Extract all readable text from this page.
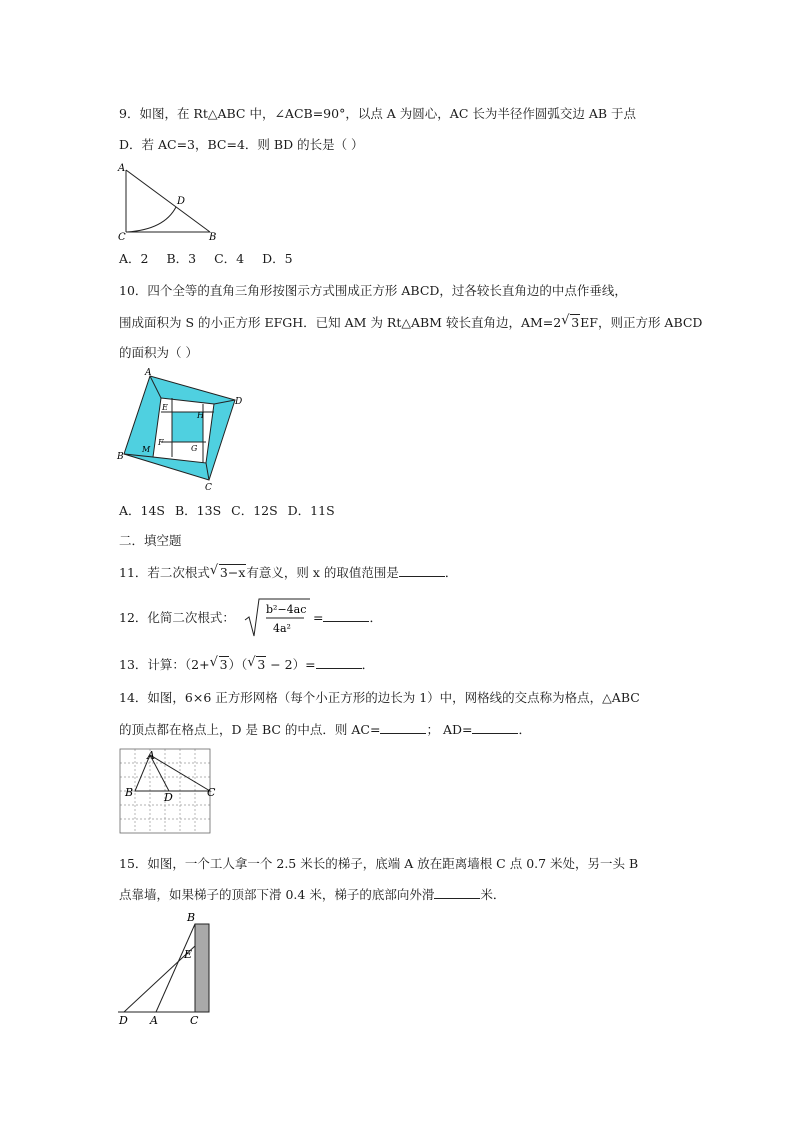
9．如图，在 Rt△ABC 中，∠ACB=90°，以点 A 为圆心，AC 长为半径作圆弧交边 AB 于点
D．若 AC=3，BC=4．则 BD 的长是（ ）
A
C	B
D
A．2 B．3 C．4 D．5
10．四个全等的直角三角形按图示方式围成正方形 ABCD，过各较长直角边的中点作垂线，
围成面积为 S 的小正方形 EFGH．已知 AM 为 Rt△ABM 较长直角边，AM=2 √ 3EF，则正方形 ABCD
的面积为（ ）
A
D
C
B
E
H
F
G
M
A．14S B．13S C．12S D．11S
二．填空题
11．若二次根式 √ 3−x有意义，则 x 的取值范围是	．
12．化简二次根式：
b²−4ac
4a²
=	．
13．计算：（2+ √ 3）（ √ 3 − 2）=	．
14．如图，6×6 正方形网格（每个小正方形的边长为 1）中，网格线的交点称为格点，△ABC
的顶点都在格点上，D 是 BC 的中点．则 AC=	； AD=	．
A
B	D	C
15．如图，一个工人拿一个 2.5 米长的梯子，底端 A 放在距离墙根 C 点 0.7 米处，另一头 B
点靠墙，如果梯子的顶部下滑 0.4 米，梯子的底部向外滑	米．
B
E
D A	C
